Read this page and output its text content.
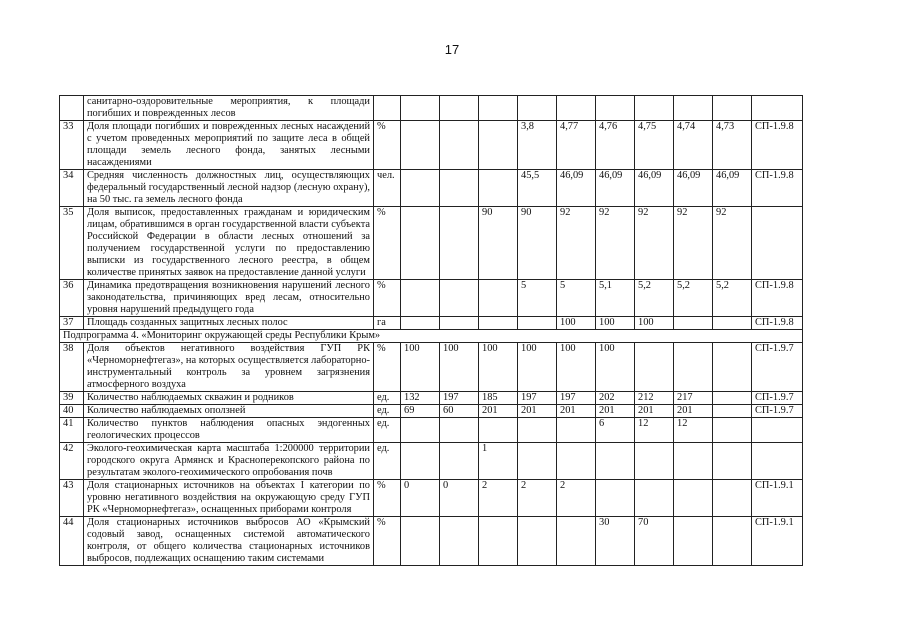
17
	санитарно-оздоровительные мероприятия, к площади погибших и поврежденных лесов											
33	Доля площади погибших и поврежденных лесных насаждений с учетом проведенных мероприятий по защите леса в общей площади земель лесного фонда, занятых лесными насаждениями	%				3,8	4,77	4,76	4,75	4,74	4,73	СП-1.9.8
34	Средняя численность должностных лиц, осуществляющих федеральный государственный лесной надзор (лесную охрану), на 50 тыс. га земель лесного фонда	чел.				45,5	46,09	46,09	46,09	46,09	46,09	СП-1.9.8
35	Доля выписок, предоставленных гражданам и юридическим лицам, обратившимся в орган государственной власти субъекта Российской Федерации в области лесных отношений за получением государственной услуги по предоставлению выписки из государственного лесного реестра, в общем количестве принятых заявок на предоставление данной услуги	%			90	90	92	92	92	92	92	
36	Динамика предотвращения возникновения нарушений лесного законодательства, причиняющих вред лесам, относительно уровня нарушений предыдущего года	%				5	5	5,1	5,2	5,2	5,2	СП-1.9.8
37	Площадь созданных защитных лесных полос	га					100	100	100			СП-1.9.8
Подпрограмма 4. «Мониторинг окружающей среды Республики Крым»												
38	Доля объектов негативного воздействия ГУП РК «Черноморнефтегаз», на которых осуществляется лабораторно-инструментальный контроль за уровнем загрязнения атмосферного воздуха	%	100	100	100	100	100	100				СП-1.9.7
39	Количество наблюдаемых скважин и родников	ед.	132	197	185	197	197	202	212	217		СП-1.9.7
40	Количество наблюдаемых оползней	ед.	69	60	201	201	201	201	201	201		СП-1.9.7
41	Количество пунктов наблюдения опасных эндогенных геологических процессов	ед.						6	12	12		
42	Эколого-геохимическая карта масштаба 1:200000 территории городского округа Армянск и Красноперекопского района по результатам эколого-геохимического опробования почв	ед.			1							
43	Доля стационарных источников на объектах I категории по уровню негативного воздействия на окружающую среду ГУП РК «Черноморнефтегаз», оснащенных приборами контроля	%	0	0	2	2	2					СП-1.9.1
44	Доля стационарных источников выбросов АО «Крымский содовый завод, оснащенных системой автоматического контроля, от общего количества стационарных источников выбросов, подлежащих оснащению таким системами	%						30	70			СП-1.9.1
